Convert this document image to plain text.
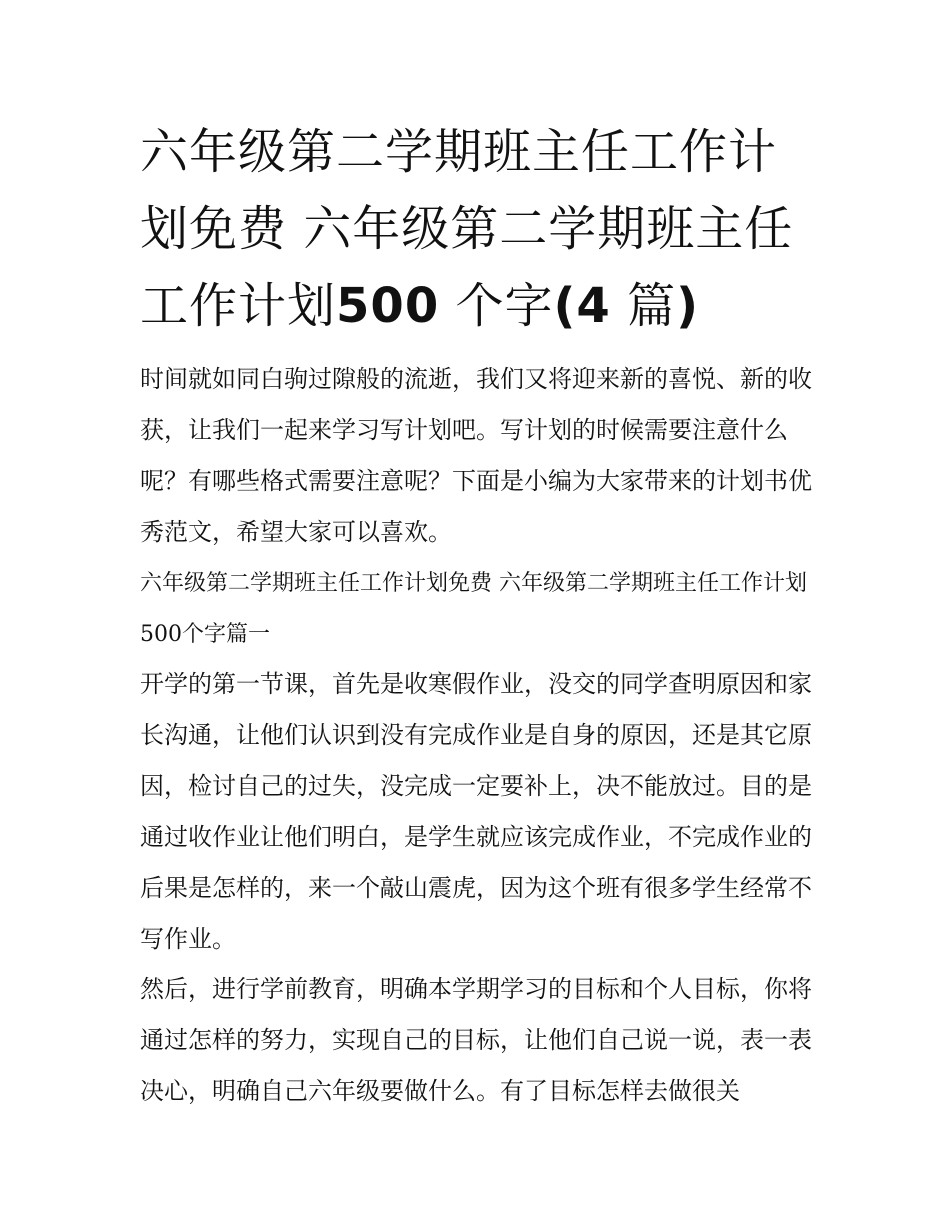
六年级第二学期班主任工作计划免费 六年级第二学期班主任工作计划500 个字(4 篇)

时间就如同白驹过隙般的流逝，我们又将迎来新的喜悦、新的收获，让我们一起来学习写计划吧。写计划的时候需要注意什么呢？有哪些格式需要注意呢？下面是小编为大家带来的计划书优秀范文，希望大家可以喜欢。

六年级第二学期班主任工作计划免费 六年级第二学期班主任工作计划500个字篇一

开学的第一节课，首先是收寒假作业，没交的同学查明原因和家长沟通，让他们认识到没有完成作业是自身的原因，还是其它原因，检讨自己的过失，没完成一定要补上，决不能放过。目的是通过收作业让他们明白，是学生就应该完成作业，不完成作业的后果是怎样的，来一个敲山震虎，因为这个班有很多学生经常不写作业。

然后，进行学前教育，明确本学期学习的目标和个人目标，你将通过怎样的努力，实现自己的目标，让他们自己说一说，表一表决心，明确自己六年级要做什么。有了目标怎样去做很关
